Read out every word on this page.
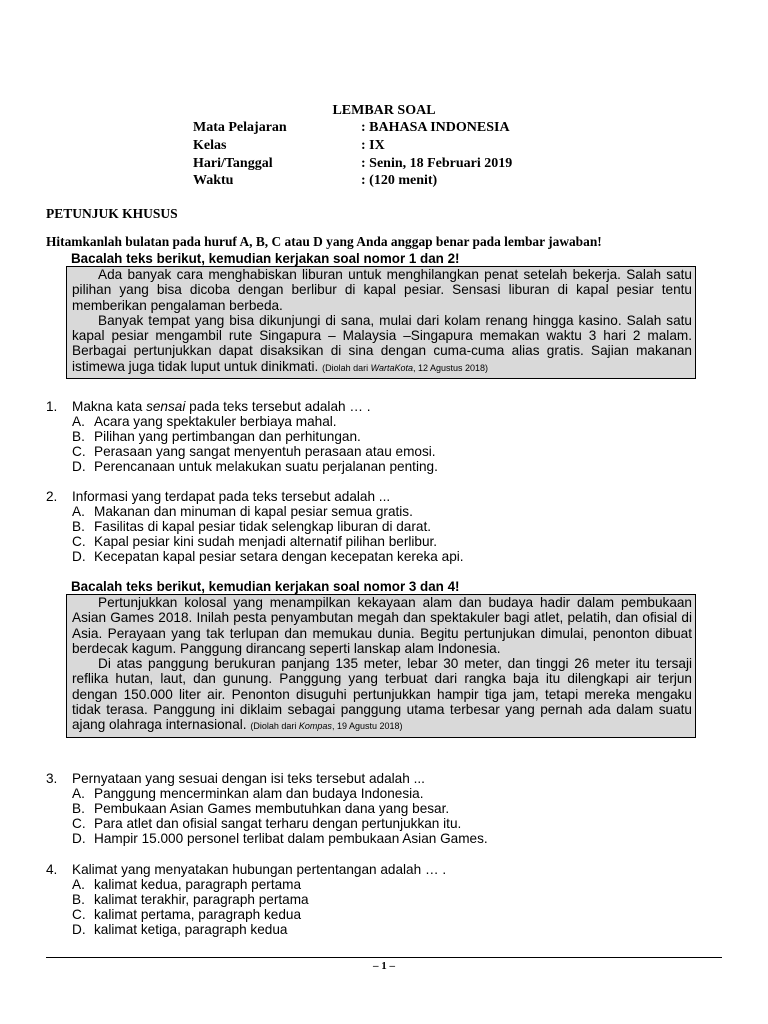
LEMBAR SOAL
Mata Pelajaran	: BAHASA INDONESIA
Kelas	: IX
Hari/Tanggal	: Senin, 18 Februari 2019
Waktu	: (120 menit)
PETUNJUK KHUSUS
Hitamkanlah bulatan pada huruf A, B, C atau D yang Anda anggap benar pada lembar jawaban!
Bacalah teks berikut, kemudian kerjakan soal nomor 1 dan 2!

Ada banyak cara menghabiskan liburan untuk menghilangkan penat setelah bekerja. Salah satu pilihan yang bisa dicoba dengan berlibur di kapal pesiar. Sensasi liburan di kapal pesiar tentu memberikan pengalaman berbeda.

Banyak tempat yang bisa dikunjungi di sana, mulai dari kolam renang hingga kasino. Salah satu kapal pesiar mengambil rute Singapura – Malaysia –Singapura memakan waktu 3 hari 2 malam. Berbagai pertunjukkan dapat disaksikan di sina dengan cuma-cuma alias gratis. Sajian makanan istimewa juga tidak luput untuk dinikmati. (Diolah dari WartaKota, 12 Agustus 2018)

1. Makna kata sensai pada teks tersebut adalah … .
A. Acara yang spektakuler berbiaya mahal.
B. Pilihan yang pertimbangan dan perhitungan.
C. Perasaan yang sangat menyentuh perasaan atau emosi.
D. Perencanaan untuk melakukan suatu perjalanan penting.
2. Informasi yang terdapat pada teks tersebut adalah ...
A. Makanan dan minuman di kapal pesiar semua gratis.
B. Fasilitas di kapal pesiar tidak selengkap liburan di darat.
C. Kapal pesiar kini sudah menjadi alternatif pilihan berlibur.
D. Kecepatan kapal pesiar setara dengan kecepatan kereka api.
Bacalah teks berikut, kemudian kerjakan soal nomor 3 dan 4!

Pertunjukkan kolosal yang menampilkan kekayaan alam dan budaya hadir dalam pembukaan Asian Games 2018. Inilah pesta penyambutan megah dan spektakuler bagi atlet, pelatih, dan ofisial di Asia. Perayaan yang tak terlupan dan memukau dunia. Begitu pertunjukan dimulai, penonton dibuat berdecak kagum. Panggung dirancang seperti lanskap alam Indonesia.

Di atas panggung berukuran panjang 135 meter, lebar 30 meter, dan tinggi 26 meter itu tersaji reflika hutan, laut, dan gunung. Panggung yang terbuat dari rangka baja itu dilengkapi air terjun dengan 150.000 liter air. Penonton disuguhi pertunjukkan hampir tiga jam, tetapi mereka mengaku tidak terasa. Panggung ini diklaim sebagai panggung utama terbesar yang pernah ada dalam suatu ajang olahraga internasional. (Diolah dari Kompas, 19 Agustu 2018)

3. Pernyataan yang sesuai dengan isi teks tersebut adalah ...
A. Panggung mencerminkan alam dan budaya Indonesia.
B. Pembukaan Asian Games membutuhkan dana yang besar.
C. Para atlet dan ofisial sangat terharu dengan pertunjukkan itu.
D. Hampir 15.000 personel terlibat dalam pembukaan Asian Games.
4. Kalimat yang menyatakan hubungan pertentangan adalah … .
A. kalimat kedua, paragraph pertama
B. kalimat terakhir, paragraph pertama
C. kalimat pertama, paragraph kedua
D. kalimat ketiga, paragraph kedua
– 1 –
